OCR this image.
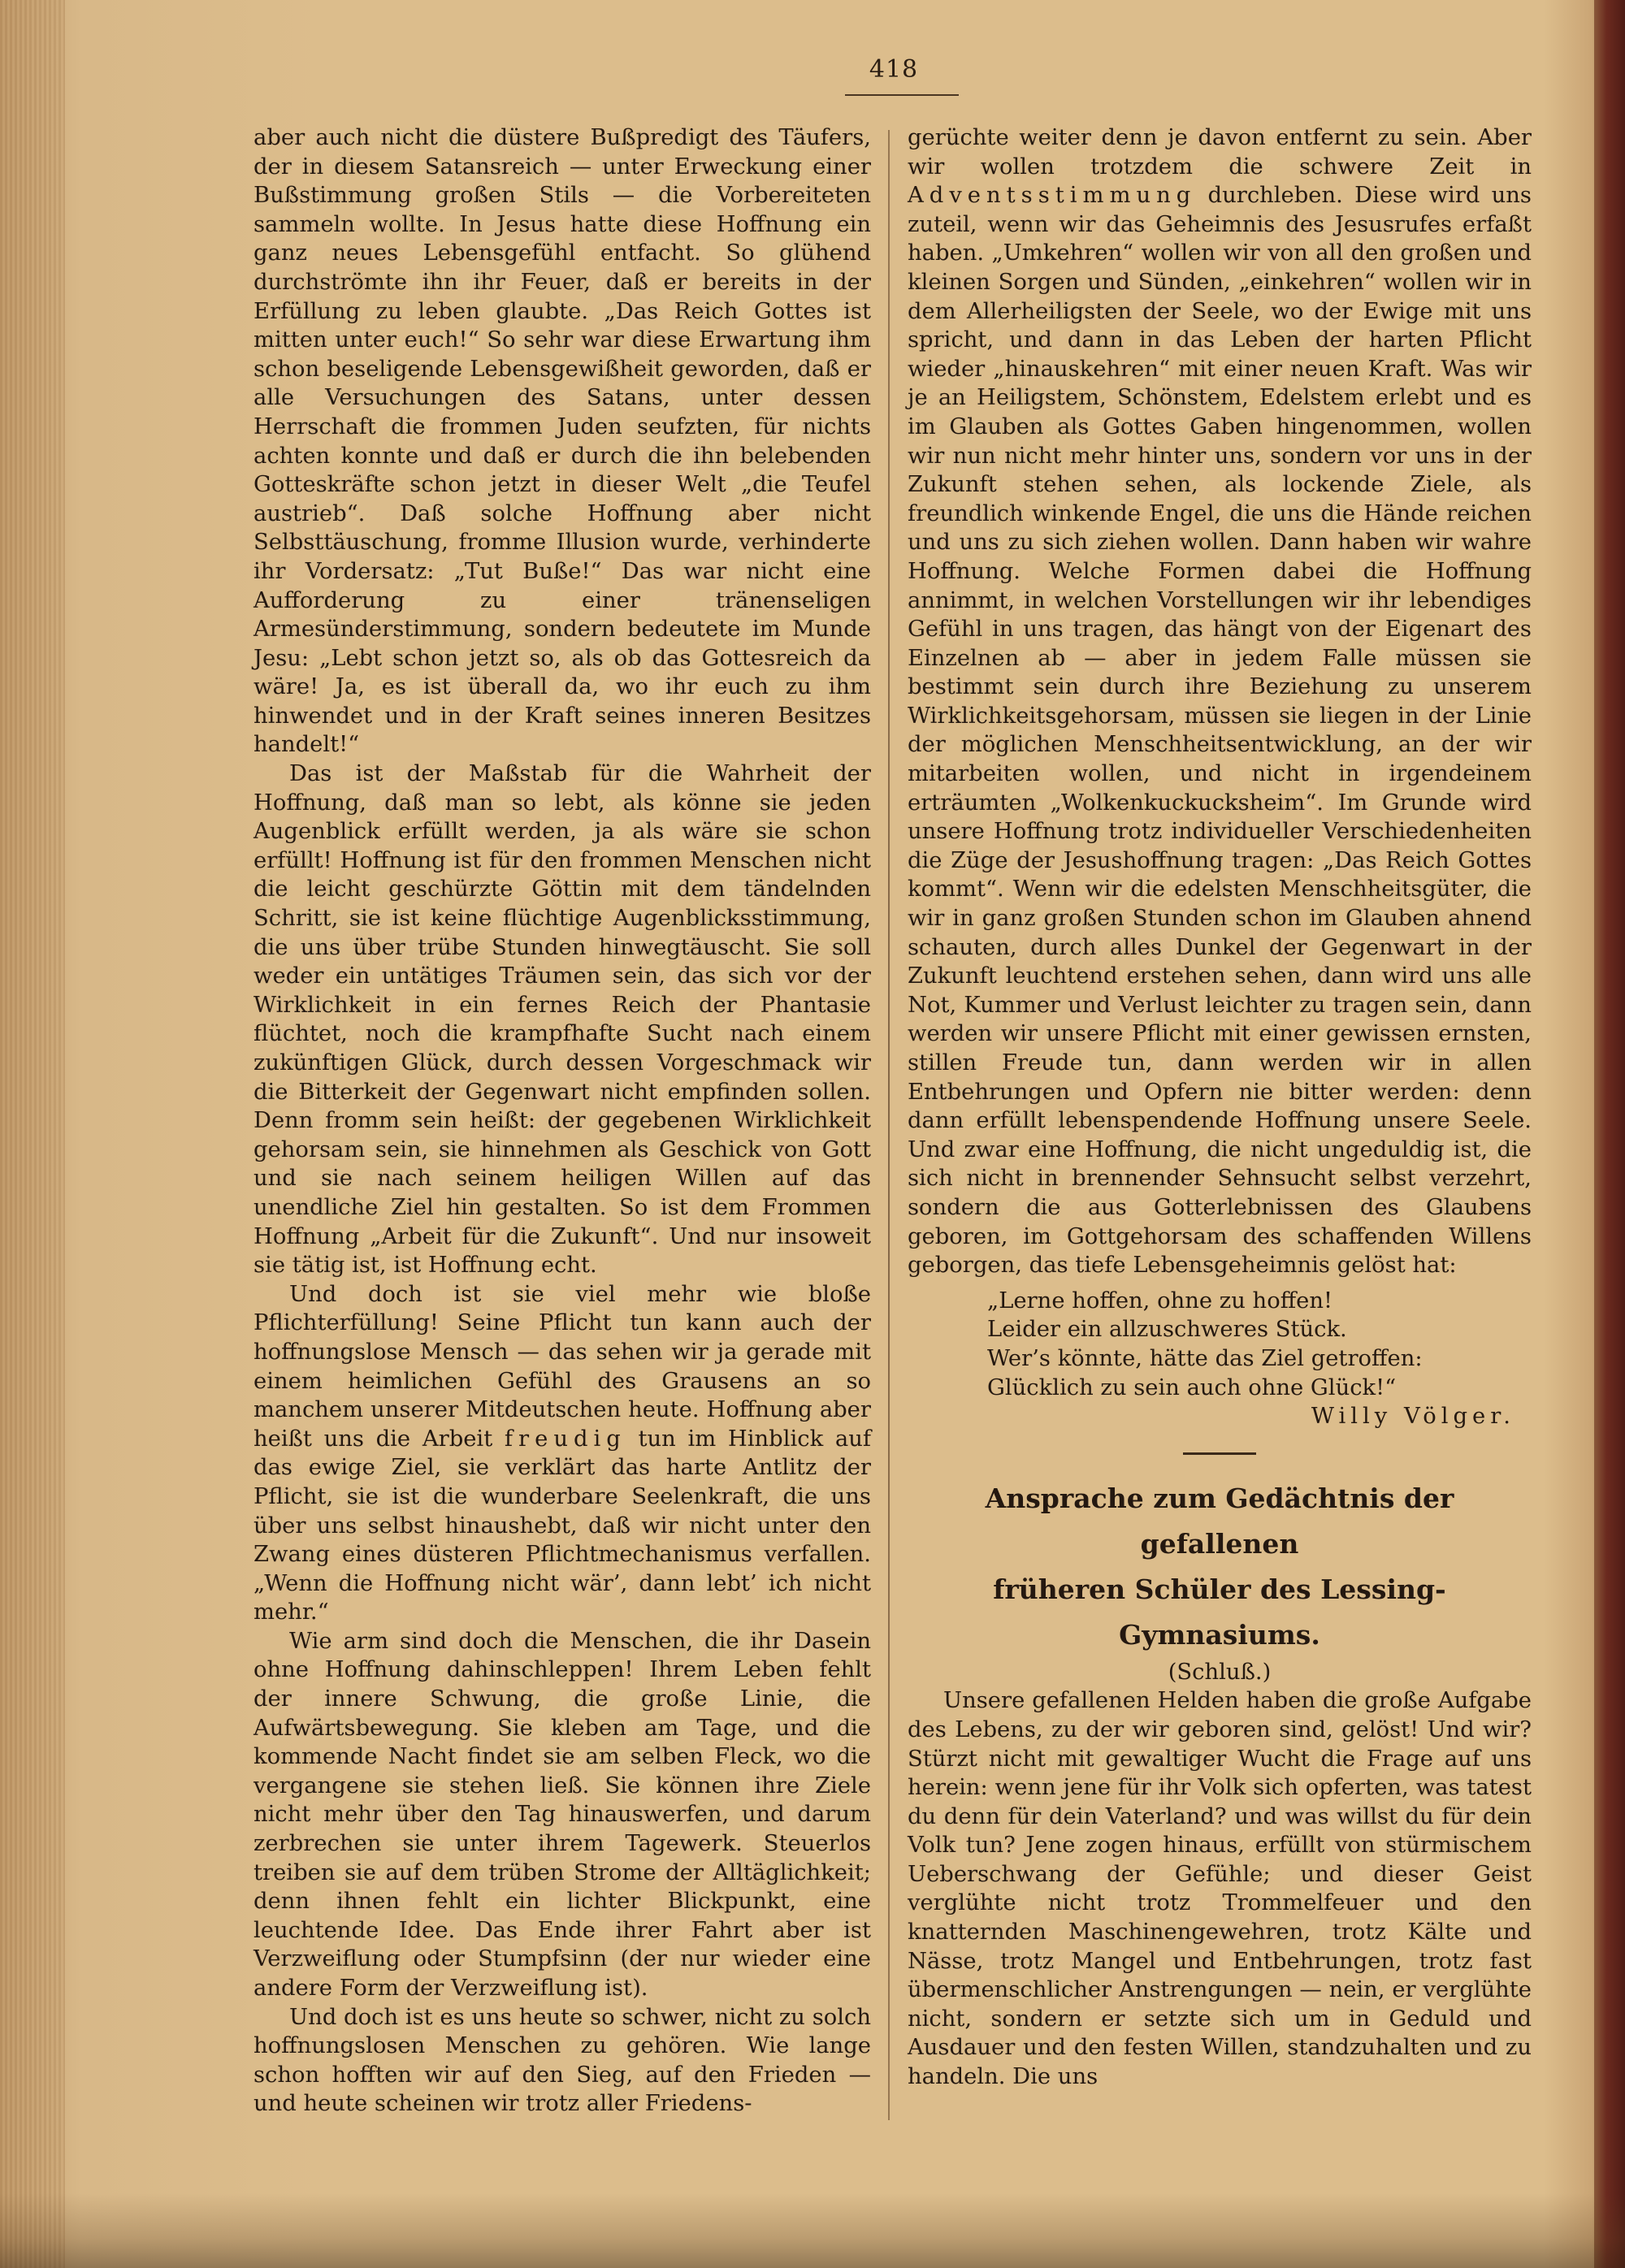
418

aber auch nicht die düstere Bußpredigt des Täufers, der in diesem Satansreich — unter Erweckung einer Bußstimmung großen Stils — die Vorbereiteten sammeln wollte. In Jesus hatte diese Hoffnung ein ganz neues Lebensgefühl entfacht. So glühend durchströmte ihn ihr Feuer, daß er bereits in der Erfüllung zu leben glaubte. „Das Reich Gottes ist mitten unter euch!“ So sehr war diese Erwartung ihm schon beseligende Lebensgewißheit geworden, daß er alle Versuchungen des Satans, unter dessen Herrschaft die frommen Juden seufzten, für nichts achten konnte und daß er durch die ihn belebenden Gotteskräfte schon jetzt in dieser Welt „die Teufel austrieb“. Daß solche Hoffnung aber nicht Selbsttäuschung, fromme Illusion wurde, verhinderte ihr Vordersatz: „Tut Buße!“ Das war nicht eine Aufforderung zu einer tränenseligen Armesünderstimmung, sondern bedeutete im Munde Jesu: „Lebt schon jetzt so, als ob das Gottesreich da wäre! Ja, es ist überall da, wo ihr euch zu ihm hinwendet und in der Kraft seines inneren Besitzes handelt!“

Das ist der Maßstab für die Wahrheit der Hoffnung, daß man so lebt, als könne sie jeden Augenblick erfüllt werden, ja als wäre sie schon erfüllt! Hoffnung ist für den frommen Menschen nicht die leicht geschürzte Göttin mit dem tändelnden Schritt, sie ist keine flüchtige Augenblicksstimmung, die uns über trübe Stunden hinwegtäuscht. Sie soll weder ein untätiges Träumen sein, das sich vor der Wirklichkeit in ein fernes Reich der Phantasie flüchtet, noch die krampfhafte Sucht nach einem zukünftigen Glück, durch dessen Vorgeschmack wir die Bitterkeit der Gegenwart nicht empfinden sollen. Denn fromm sein heißt: der gegebenen Wirklichkeit gehorsam sein, sie hinnehmen als Geschick von Gott und sie nach seinem heiligen Willen auf das unendliche Ziel hin gestalten. So ist dem Frommen Hoffnung „Arbeit für die Zukunft“. Und nur insoweit sie tätig ist, ist Hoffnung echt.

Und doch ist sie viel mehr wie bloße Pflichterfüllung! Seine Pflicht tun kann auch der hoffnungslose Mensch — das sehen wir ja gerade mit einem heimlichen Gefühl des Grausens an so manchem unserer Mitdeutschen heute. Hoffnung aber heißt uns die Arbeit freudig tun im Hinblick auf das ewige Ziel, sie verklärt das harte Antlitz der Pflicht, sie ist die wunderbare Seelenkraft, die uns über uns selbst hinaushebt, daß wir nicht unter den Zwang eines düsteren Pflichtmechanismus verfallen. „Wenn die Hoffnung nicht wär’, dann lebt’ ich nicht mehr.“

Wie arm sind doch die Menschen, die ihr Dasein ohne Hoffnung dahinschleppen! Ihrem Leben fehlt der innere Schwung, die große Linie, die Aufwärtsbewegung. Sie kleben am Tage, und die kommende Nacht findet sie am selben Fleck, wo die vergangene sie stehen ließ. Sie können ihre Ziele nicht mehr über den Tag hinauswerfen, und darum zerbrechen sie unter ihrem Tagewerk. Steuerlos treiben sie auf dem trüben Strome der Alltäglichkeit; denn ihnen fehlt ein lichter Blickpunkt, eine leuchtende Idee. Das Ende ihrer Fahrt aber ist Verzweiflung oder Stumpfsinn (der nur wieder eine andere Form der Verzweiflung ist).

Und doch ist es uns heute so schwer, nicht zu solch hoffnungslosen Menschen zu gehören. Wie lange schon hofften wir auf den Sieg, auf den Frieden — und heute scheinen wir trotz aller Friedens-

gerüchte weiter denn je davon entfernt zu sein. Aber wir wollen trotzdem die schwere Zeit in Adventsstimmung durchleben. Diese wird uns zuteil, wenn wir das Geheimnis des Jesusrufes erfaßt haben. „Umkehren“ wollen wir von all den großen und kleinen Sorgen und Sünden, „einkehren“ wollen wir in dem Allerheiligsten der Seele, wo der Ewige mit uns spricht, und dann in das Leben der harten Pflicht wieder „hinauskehren“ mit einer neuen Kraft. Was wir je an Heiligstem, Schönstem, Edelstem erlebt und es im Glauben als Gottes Gaben hingenommen, wollen wir nun nicht mehr hinter uns, sondern vor uns in der Zukunft stehen sehen, als lockende Ziele, als freundlich winkende Engel, die uns die Hände reichen und uns zu sich ziehen wollen. Dann haben wir wahre Hoffnung. Welche Formen dabei die Hoffnung annimmt, in welchen Vorstellungen wir ihr lebendiges Gefühl in uns tragen, das hängt von der Eigenart des Einzelnen ab — aber in jedem Falle müssen sie bestimmt sein durch ihre Beziehung zu unserem Wirklichkeitsgehorsam, müssen sie liegen in der Linie der möglichen Menschheitsentwicklung, an der wir mitarbeiten wollen, und nicht in irgendeinem erträumten „Wolkenkuckucksheim“. Im Grunde wird unsere Hoffnung trotz individueller Verschiedenheiten die Züge der Jesushoffnung tragen: „Das Reich Gottes kommt“. Wenn wir die edelsten Menschheitsgüter, die wir in ganz großen Stunden schon im Glauben ahnend schauten, durch alles Dunkel der Gegenwart in der Zukunft leuchtend erstehen sehen, dann wird uns alle Not, Kummer und Verlust leichter zu tragen sein, dann werden wir unsere Pflicht mit einer gewissen ernsten, stillen Freude tun, dann werden wir in allen Entbehrungen und Opfern nie bitter werden: denn dann erfüllt lebenspendende Hoffnung unsere Seele. Und zwar eine Hoffnung, die nicht ungeduldig ist, die sich nicht in brennender Sehnsucht selbst verzehrt, sondern die aus Gotterlebnissen des Glaubens geboren, im Gottgehorsam des schaffenden Willens geborgen, das tiefe Lebensgeheimnis gelöst hat:

„Lerne hoffen, ohne zu hoffen!
Leider ein allzuschweres Stück.
Wer’s könnte, hätte das Ziel getroffen:
Glücklich zu sein auch ohne Glück!“
Willy Völger.

Ansprache zum Gedächtnis der gefallenen

früheren Schüler des Lessing-Gymnasiums.

(Schluß.)

Unsere gefallenen Helden haben die große Aufgabe des Lebens, zu der wir geboren sind, gelöst! Und wir? Stürzt nicht mit gewaltiger Wucht die Frage auf uns herein: wenn jene für ihr Volk sich opferten, was tatest du denn für dein Vaterland? und was willst du für dein Volk tun? Jene zogen hinaus, erfüllt von stürmischem Ueberschwang der Gefühle; und dieser Geist verglühte nicht trotz Trommelfeuer und den knatternden Maschinengewehren, trotz Kälte und Nässe, trotz Mangel und Entbehrungen, trotz fast übermenschlicher Anstrengungen — nein, er verglühte nicht, sondern er setzte sich um in Geduld und Ausdauer und den festen Willen, standzuhalten und zu handeln. Die uns
